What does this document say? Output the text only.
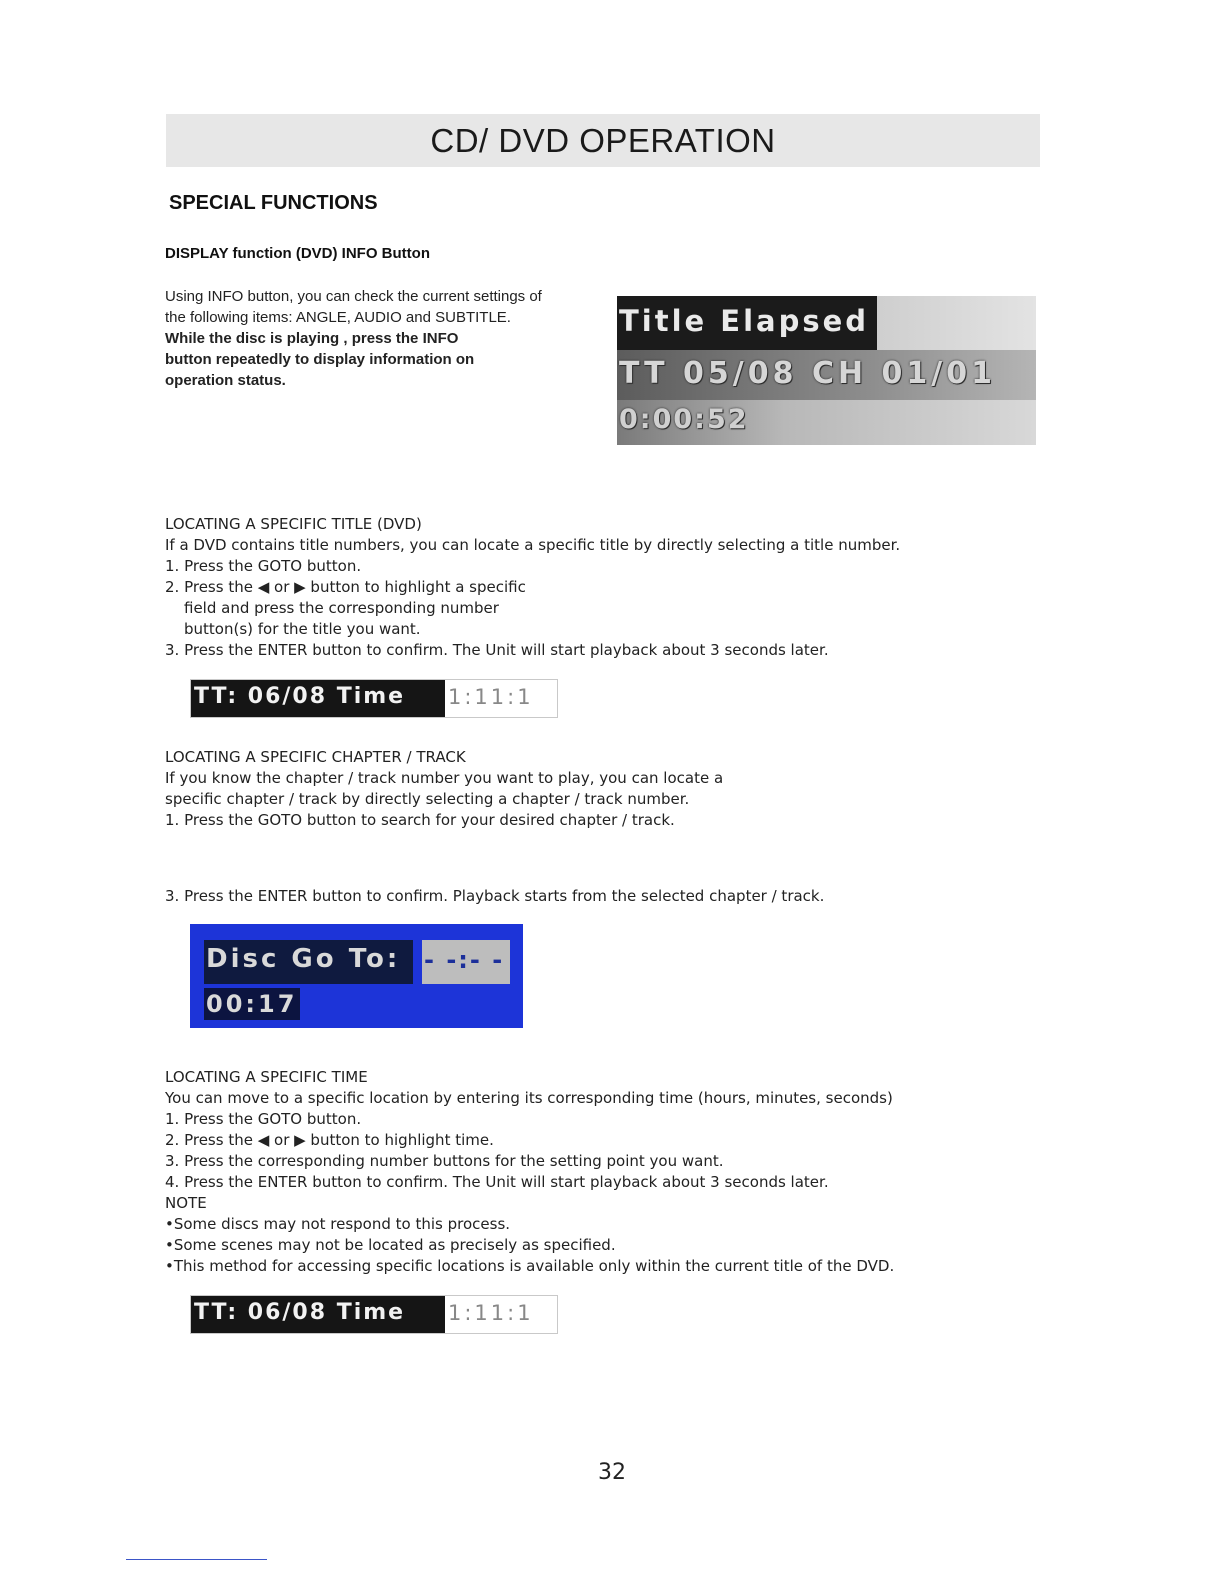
CD/ DVD OPERATION
SPECIAL FUNCTIONS
DISPLAY function (DVD) INFO Button
Using INFO button, you can check the current settings of
the following items: ANGLE, AUDIO and SUBTITLE.
While the disc is playing , press the INFO
button repeatedly to display information on
operation status.
Title Elapsed
TT 05/08 CH 01/01
0:00:52
LOCATING A SPECIFIC TITLE (DVD)
If a DVD contains title numbers, you can locate a specific title by directly selecting a title number.
1. Press the GOTO button.
2. Press the ◀ or ▶ button to highlight a specific
field and press the corresponding number
button(s) for the title you want.
3. Press the ENTER button to confirm. The Unit will start playback about 3 seconds later.
TT: 06/08 Time 1:11:1
LOCATING A SPECIFIC CHAPTER / TRACK
If you know the chapter / track number you want to play, you can locate a
specific chapter / track by directly selecting a chapter / track number.
1. Press the GOTO button to search for your desired chapter / track.
3. Press the ENTER button to confirm. Playback starts from the selected chapter / track.
Disc Go To: - -:- -
00:17
LOCATING A SPECIFIC TIME
You can move to a specific location by entering its corresponding time (hours, minutes, seconds)
1. Press the GOTO button.
2. Press the ◀ or ▶ button to highlight time.
3. Press the corresponding number buttons for the setting point you want.
4. Press the ENTER button to confirm. The Unit will start playback about 3 seconds later.
NOTE
•Some discs may not respond to this process.
•Some scenes may not be located as precisely as specified.
•This method for accessing specific locations is available only within the current title of the DVD.
TT: 06/08 Time 1:11:1
32
